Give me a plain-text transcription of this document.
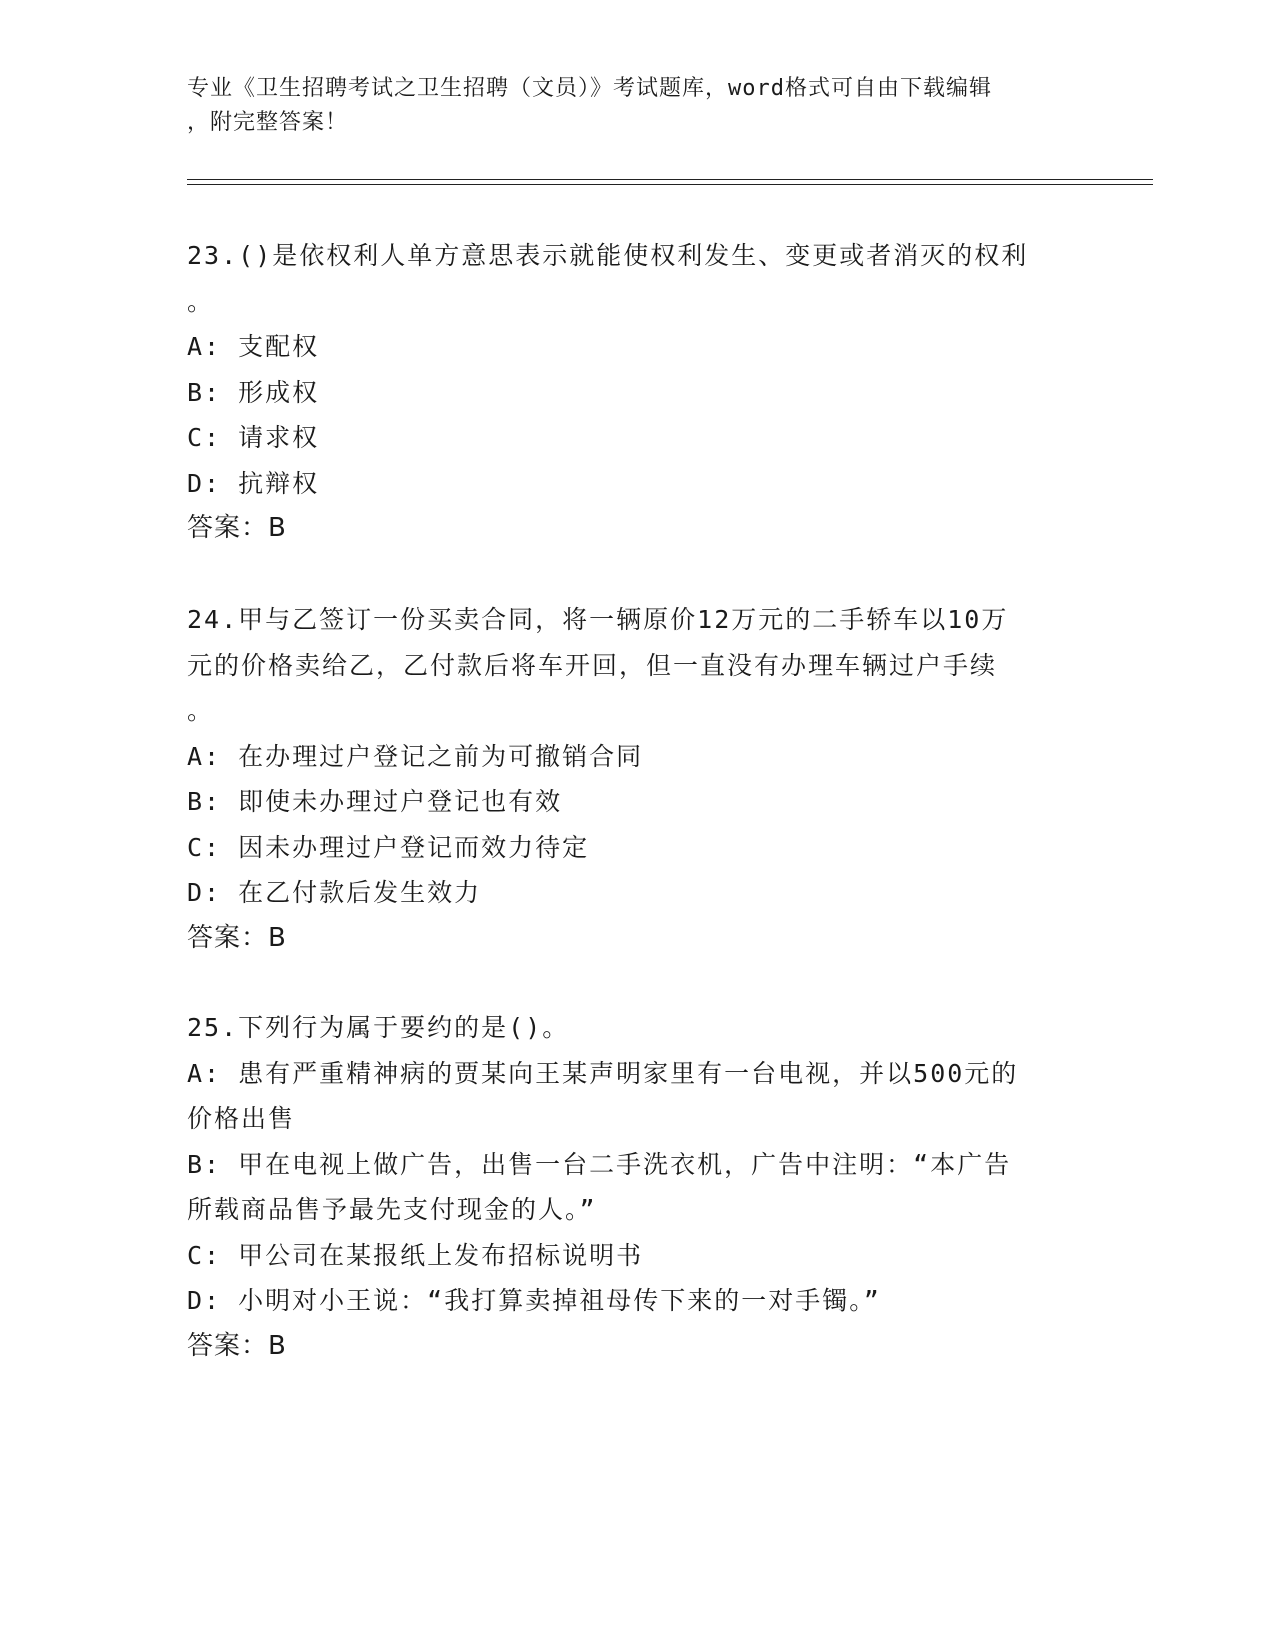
专业《卫生招聘考试之卫生招聘（文员）》考试题库，word格式可自由下载编辑
，附完整答案！
23.()是依权利人单方意思表示就能使权利发生、变更或者消灭的权利
。
A: 支配权
B: 形成权
C: 请求权
D: 抗辩权
答案：B
24.甲与乙签订一份买卖合同，将一辆原价12万元的二手轿车以10万
元的价格卖给乙，乙付款后将车开回，但一直没有办理车辆过户手续
。
A: 在办理过户登记之前为可撤销合同
B: 即使未办理过户登记也有效
C: 因未办理过户登记而效力待定
D: 在乙付款后发生效力
答案：B
25.下列行为属于要约的是()。
A: 患有严重精神病的贾某向王某声明家里有一台电视，并以500元的
价格出售
B: 甲在电视上做广告，出售一台二手洗衣机，广告中注明：“本广告
所载商品售予最先支付现金的人。”
C: 甲公司在某报纸上发布招标说明书
D: 小明对小王说：“我打算卖掉祖母传下来的一对手镯。”
答案：B
